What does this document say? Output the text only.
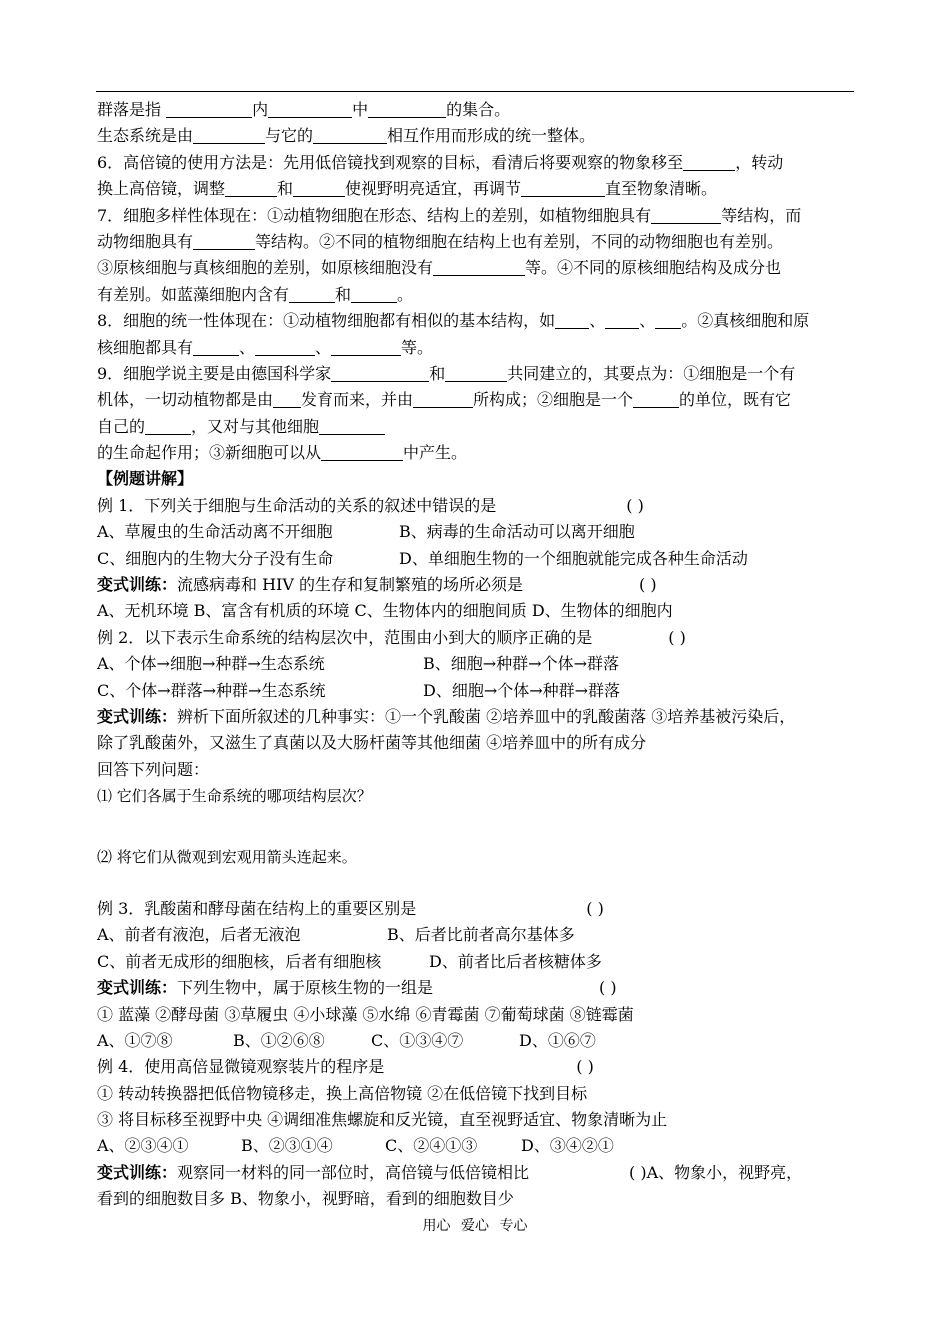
群落是指	内	中	的集合。
生态系统是由	与它的	相互作用而形成的统一整体。
6．高倍镜的使用方法是：先用低倍镜找到观察的目标，看清后将要观察的物象移至	，转动
换上高倍镜，调整	和	使视野明亮适宜，再调节	直至物象清晰。
7．细胞多样性体现在：①动植物细胞在形态、结构上的差别，如植物细胞具有	等结构，而
动物细胞具有	等结构。②不同的植物细胞在结构上也有差别，不同的动物细胞也有差别。
③原核细胞与真核细胞的差别，如原核细胞没有	等。④不同的原核细胞结构及成分也
有差别。如蓝藻细胞内含有	和	。
8．细胞的统一性体现在：①动植物细胞都有相似的基本结构，如 、 、 。②真核细胞和原
核细胞都具有	、	、	等。
9．细胞学说主要是由德国科学家	和	共同建立的，其要点为：①细胞是一个有
机体，一切动植物都是由 发育而来，并由	所构成；②细胞是一个	的单位，既有它
自己的	，又对与其他细胞
的生命起作用；③新细胞可以从	中产生。
【例题讲解】
例 1．下列关于细胞与生命活动的关系的叙述中错误的是	( )
A、草履虫的生命活动离不开细胞	B、病毒的生命活动可以离开细胞
C、细胞内的生物大分子没有生命	D、单细胞生物的一个细胞就能完成各种生命活动
变式训练：流感病毒和 HIV 的生存和复制繁殖的场所必须是	( )
A、无机环境 B、富含有机质的环境 C、生物体内的细胞间质 D、生物体的细胞内
例 2．以下表示生命系统的结构层次中，范围由小到大的顺序正确的是	( )
A、个体→细胞→种群→生态系统	B、细胞→种群→个体→群落
C、个体→群落→种群→生态系统	D、细胞→个体→种群→群落
变式训练：辨析下面所叙述的几种事实：①一个乳酸菌 ②培养皿中的乳酸菌落 ③培养基被污染后，
除了乳酸菌外，又滋生了真菌以及大肠杆菌等其他细菌 ④培养皿中的所有成分
回答下列问题：
⑴ 它们各属于生命系统的哪项结构层次？
⑵ 将它们从微观到宏观用箭头连起来。
例 3．乳酸菌和酵母菌在结构上的重要区别是	( )
A、前者有液泡，后者无液泡	B、后者比前者高尔基体多
C、前者无成形的细胞核，后者有细胞核	D、前者比后者核糖体多
变式训练：下列生物中，属于原核生物的一组是	( )
① 蓝藻 ②酵母菌 ③草履虫 ④小球藻 ⑤水绵 ⑥青霉菌 ⑦葡萄球菌 ⑧链霉菌
A、①⑦⑧	B、①②⑥⑧	C、①③④⑦	D、①⑥⑦
例 4．使用高倍显微镜观察装片的程序是	( )
① 转动转换器把低倍物镜移走，换上高倍物镜 ②在低倍镜下找到目标
③ 将目标移至视野中央 ④调细准焦螺旋和反光镜，直至视野适宜、物象清晰为止
A、②③④①	B、②③①④	C、②④①③	D、③④②①
变式训练：观察同一材料的同一部位时，高倍镜与低倍镜相比	( )A、物象小，视野亮，
看到的细胞数目多 B、物象小，视野暗，看到的细胞数目少
用心 爱心 专心
